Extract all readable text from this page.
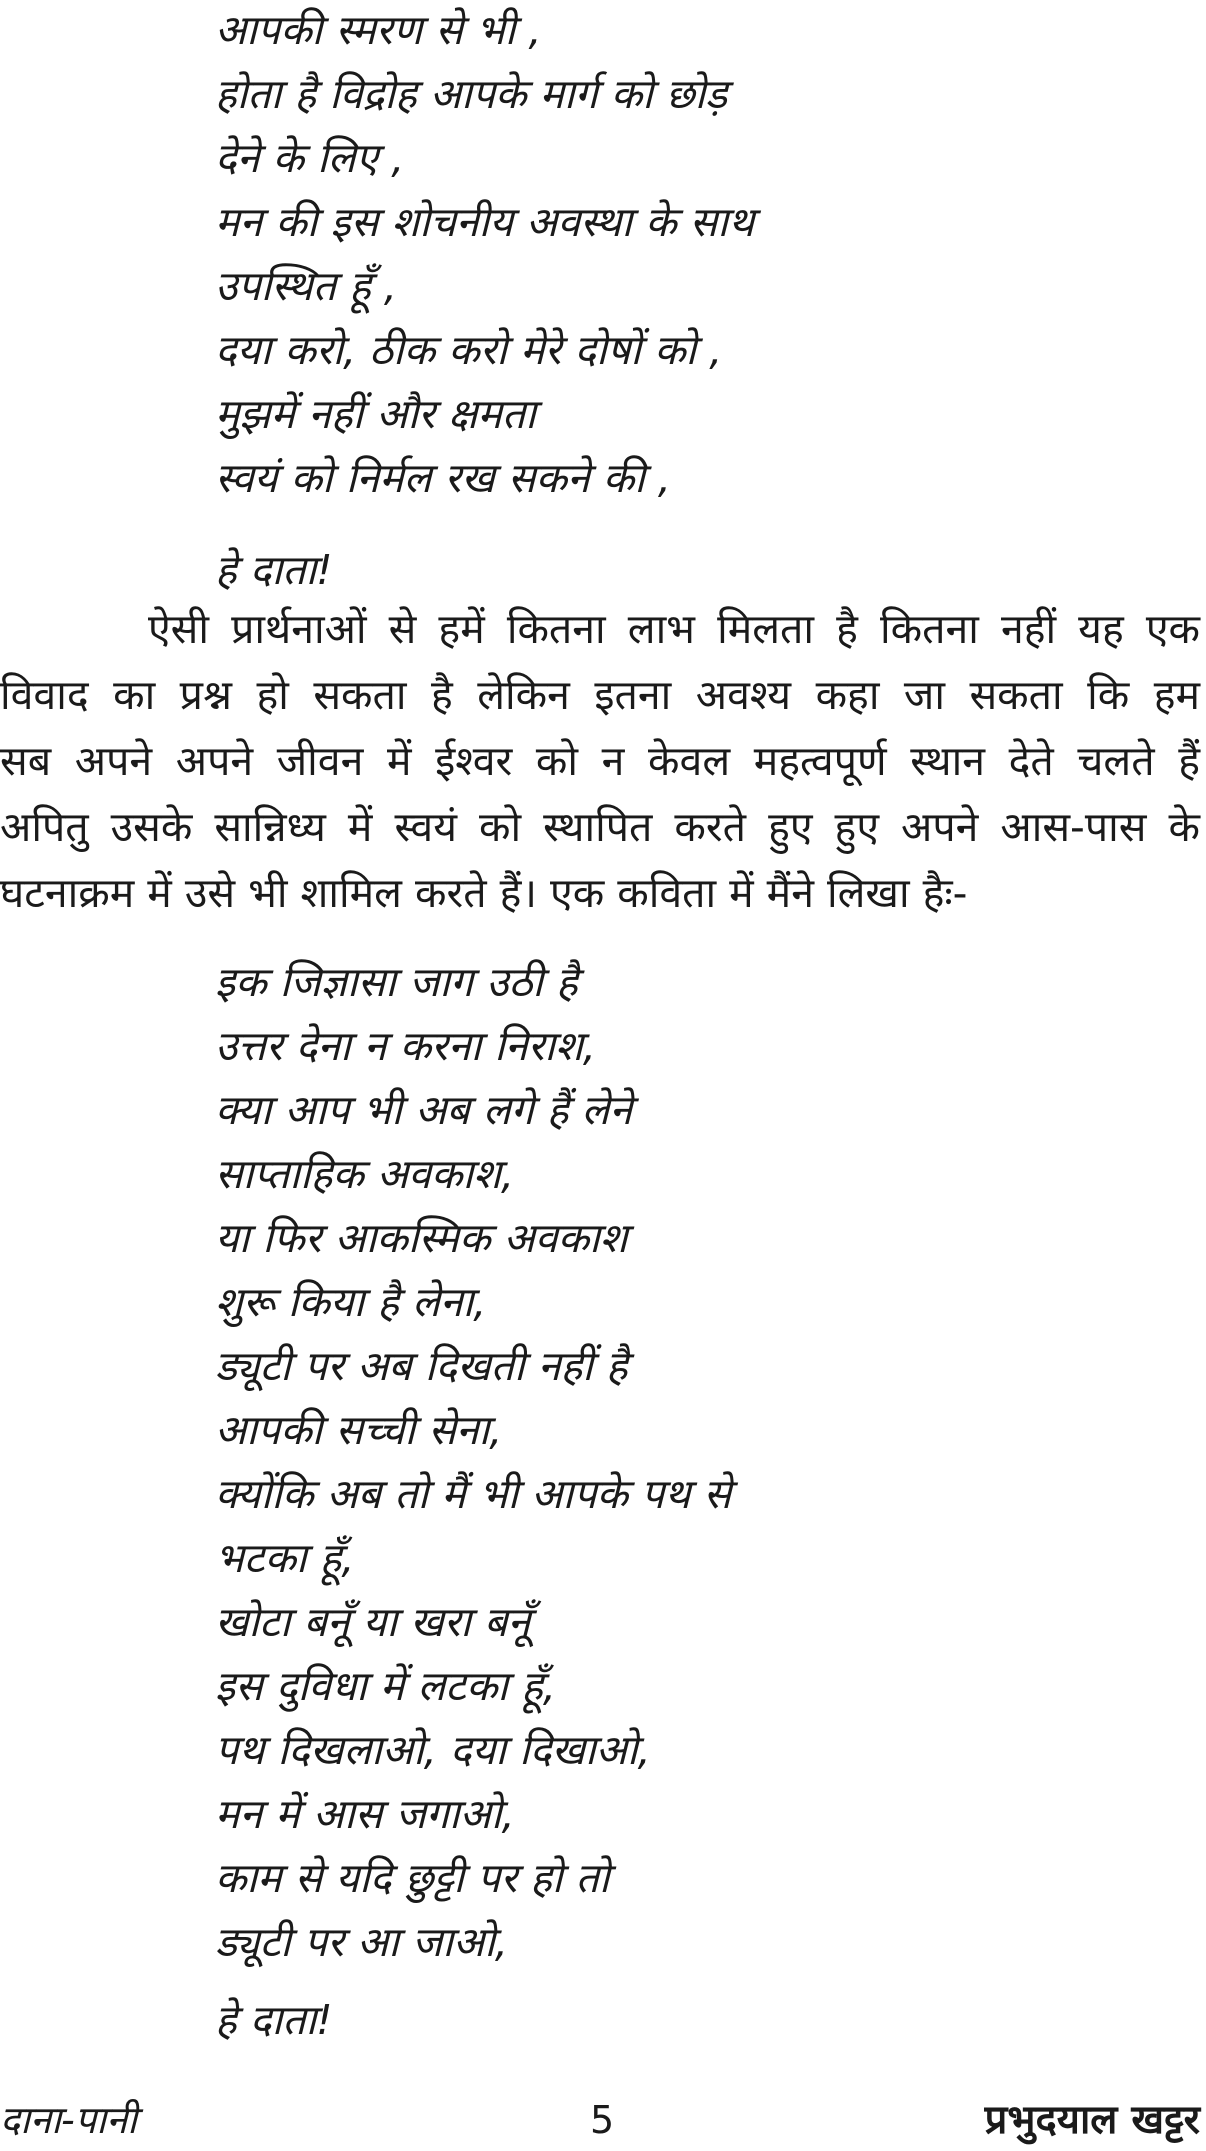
आपकी स्मरण से भी ,
होता है विद्रोह आपके मार्ग को छोड़
देने के लिए ,
मन की इस शोचनीय अवस्था के साथ
उपस्थित हूँ ,
दया करो, ठीक करो मेरे दोषों को ,
मुझमें नहीं और क्षमता
स्वयं को निर्मल रख सकने की ,
हे दाता!
ऐसी प्रार्थनाओं से हमें कितना लाभ मिलता है कितना नहीं यह एक
विवाद का प्रश्न हो सकता है लेकिन इतना अवश्य कहा जा सकता कि हम
सब अपने अपने जीवन में ईश्वर को न केवल महत्वपूर्ण स्थान देते चलते हैं
अपितु उसके सान्निध्य में स्वयं को स्थापित करते हुए हुए अपने आस-पास के
घटनाक्रम में उसे भी शामिल करते हैं। एक कविता में मैंने लिखा हैः-
इक जिज्ञासा जाग उठी है
उत्तर देना न करना निराश,
क्या आप भी अब लगे हैं लेने
साप्ताहिक अवकाश,
या फिर आकस्मिक अवकाश
शुरू किया है लेना,
ड्यूटी पर अब दिखती नहीं है
आपकी सच्ची सेना,
क्योंकि अब तो मैं भी आपके पथ से
भटका हूँ,
खोटा बनूँ या खरा बनूँ
इस दुविधा में लटका हूँ,
पथ दिखलाओ, दया दिखाओ,
मन में आस जगाओ,
काम से यदि छुट्टी पर हो तो
ड्यूटी पर आ जाओ,
हे दाता!
दाना-पानी	5	प्रभुदयाल खट्टर
